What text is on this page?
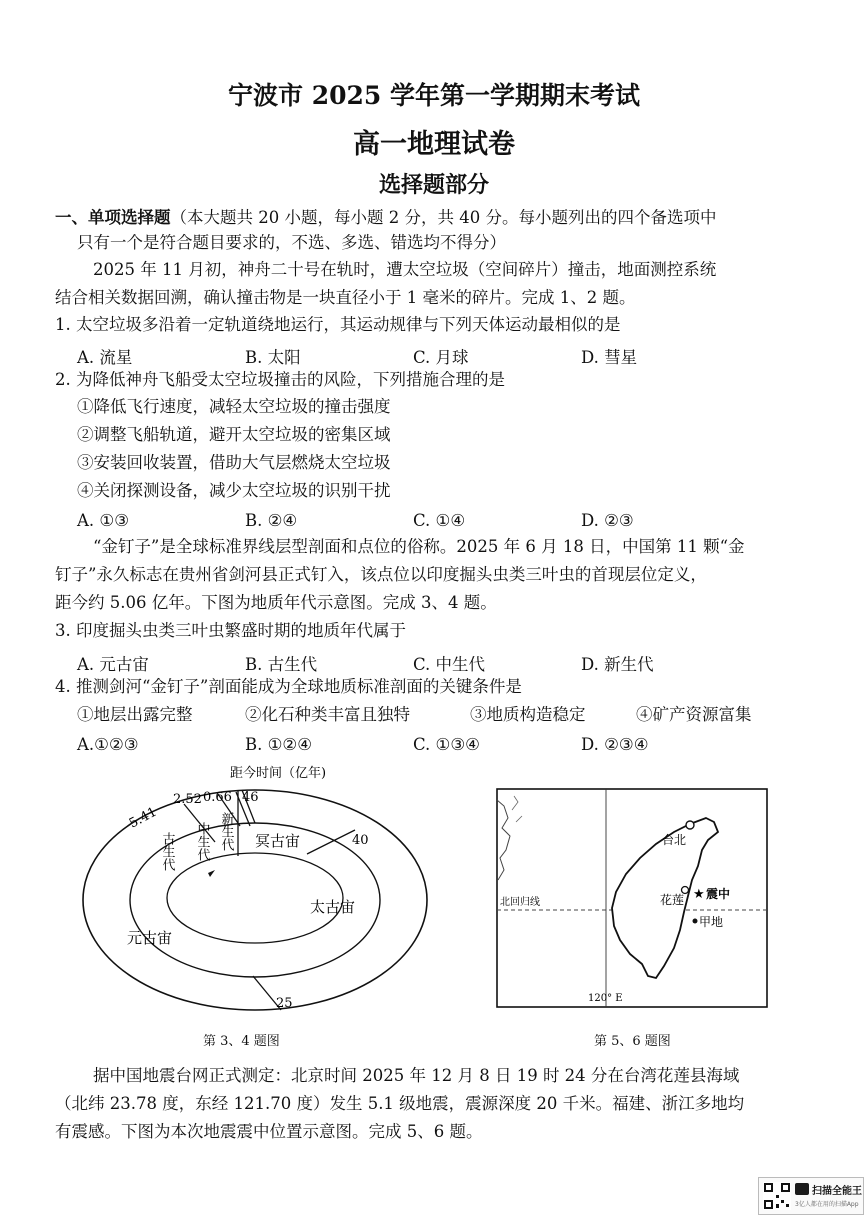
宁波市 2025 学年第一学期期末考试
高一地理试卷
选择题部分
一、单项选择题（本大题共 20 小题，每小题 2 分，共 40 分。每小题列出的四个备选项中
只有一个是符合题目要求的，不选、多选、错选均不得分）
2025 年 11 月初，神舟二十号在轨时，遭太空垃圾（空间碎片）撞击，地面测控系统
结合相关数据回溯，确认撞击物是一块直径小于 1 毫米的碎片。完成 1、2 题。
1. 太空垃圾多沿着一定轨道绕地运行，其运动规律与下列天体运动最相似的是
A. 流星	B. 太阳	C. 月球	D. 彗星
2. 为降低神舟飞船受太空垃圾撞击的风险，下列措施合理的是
①降低飞行速度，减轻太空垃圾的撞击强度
②调整飞船轨道，避开太空垃圾的密集区域
③安装回收装置，借助大气层燃烧太空垃圾
④关闭探测设备，减少太空垃圾的识别干扰
A. ①③	B. ②④	C. ①④	D. ②③
“金钉子”是全球标准界线层型剖面和点位的俗称。2025 年 6 月 18 日，中国第 11 颗“金
钉子”永久标志在贵州省剑河县正式钉入，该点位以印度掘头虫类三叶虫的首现层位定义，
距今约 5.06 亿年。下图为地质年代示意图。完成 3、4 题。
3. 印度掘头虫类三叶虫繁盛时期的地质年代属于
A. 元古宙	B. 古生代	C. 中生代	D. 新生代
4. 推测剑河“金钉子”剖面能成为全球地质标准剖面的关键条件是
①地层出露完整	②化石种类丰富且独特	③地质构造稳定	④矿产资源富集
A.①②③	B. ①②④	C. ①③④	D. ②③④
距今时间（亿年)
5.41
2.52 0.66 46
40
25
古生代 中生代 新生代 冥古宙
太古宙
元古宙
第 3、4 题图
★
台北
花莲 震中
甲地
北回归线
120° E
第 5、6 题图
据中国地震台网正式测定：北京时间 2025 年 12 月 8 日 19 时 24 分在台湾花莲县海域
（北纬 23.78 度，东经 121.70 度）发生 5.1 级地震，震源深度 20 千米。福建、浙江多地均
有震感。下图为本次地震震中位置示意图。完成 5、6 题。
扫描全能王
3亿人都在用的扫描App
